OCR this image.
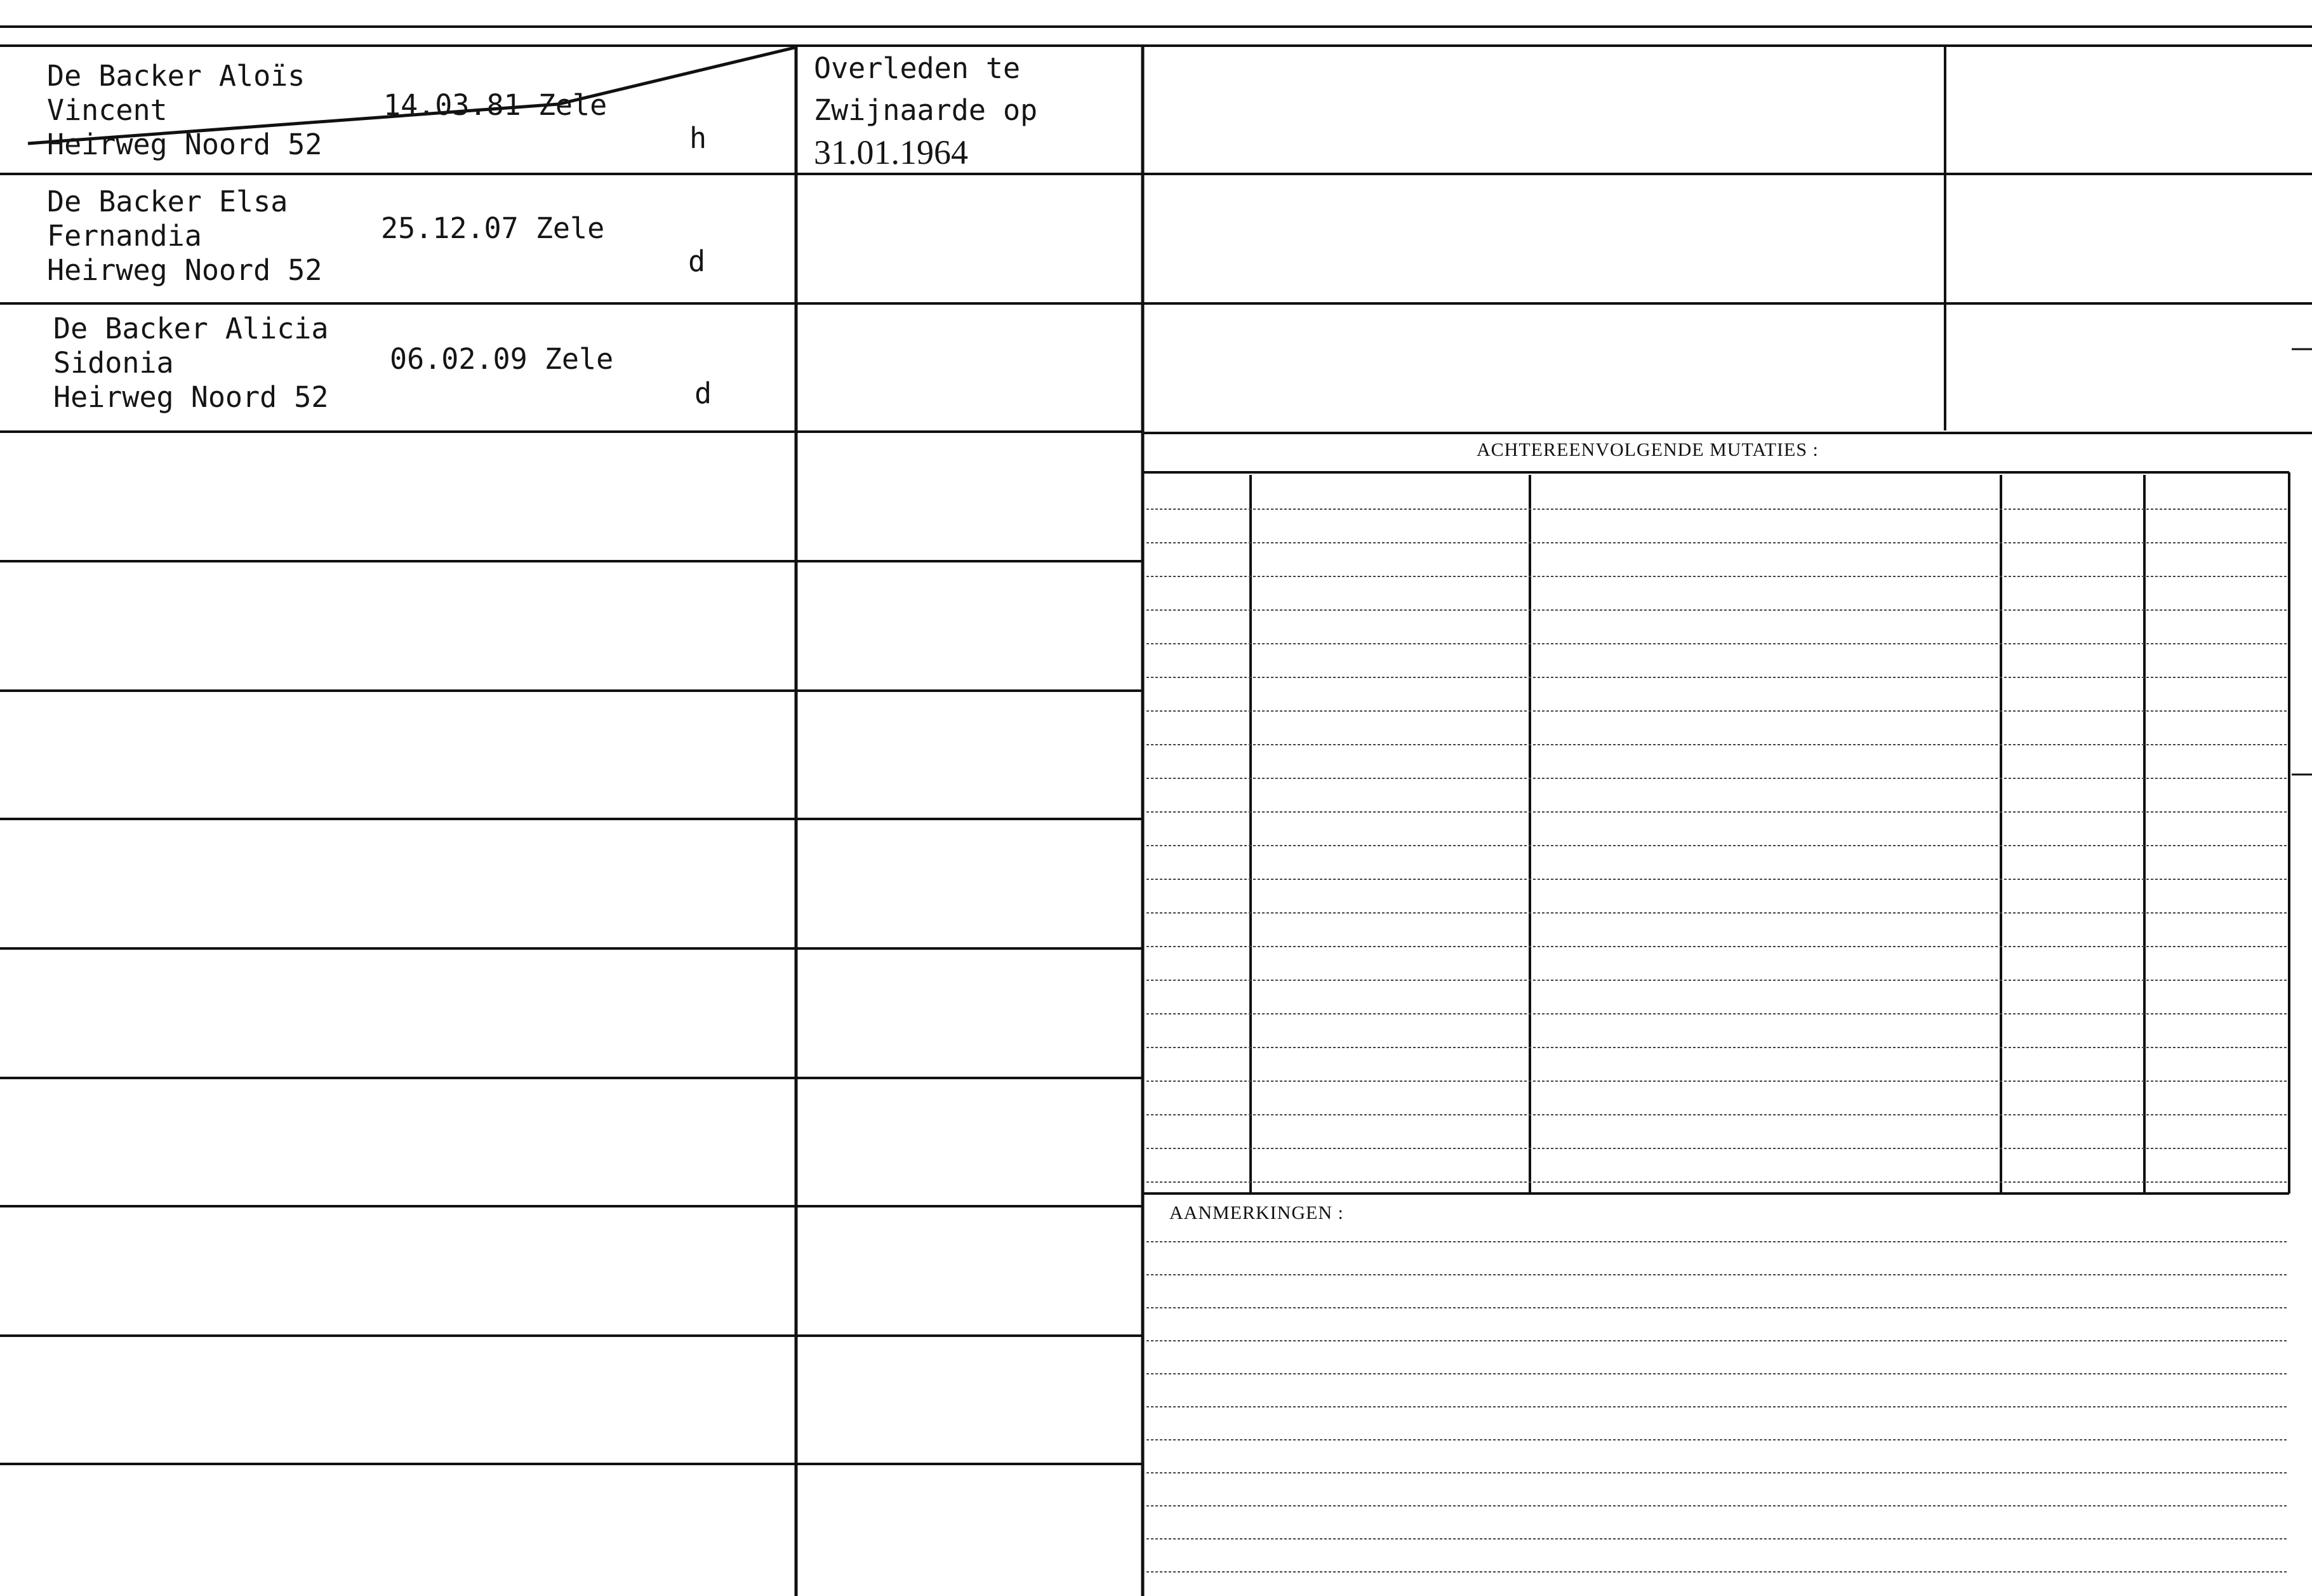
De Backer Aloïs
Vincent
Heirweg Noord 52
14.03.81 Zele
h
Overleden te
Zwijnaarde op
31.01.1964
De Backer Elsa
Fernandia
Heirweg Noord 52
25.12.07 Zele
d
De Backer Alicia
Sidonia
Heirweg Noord 52
06.02.09 Zele
d
ACHTEREENVOLGENDE MUTATIES :
AANMERKINGEN :
